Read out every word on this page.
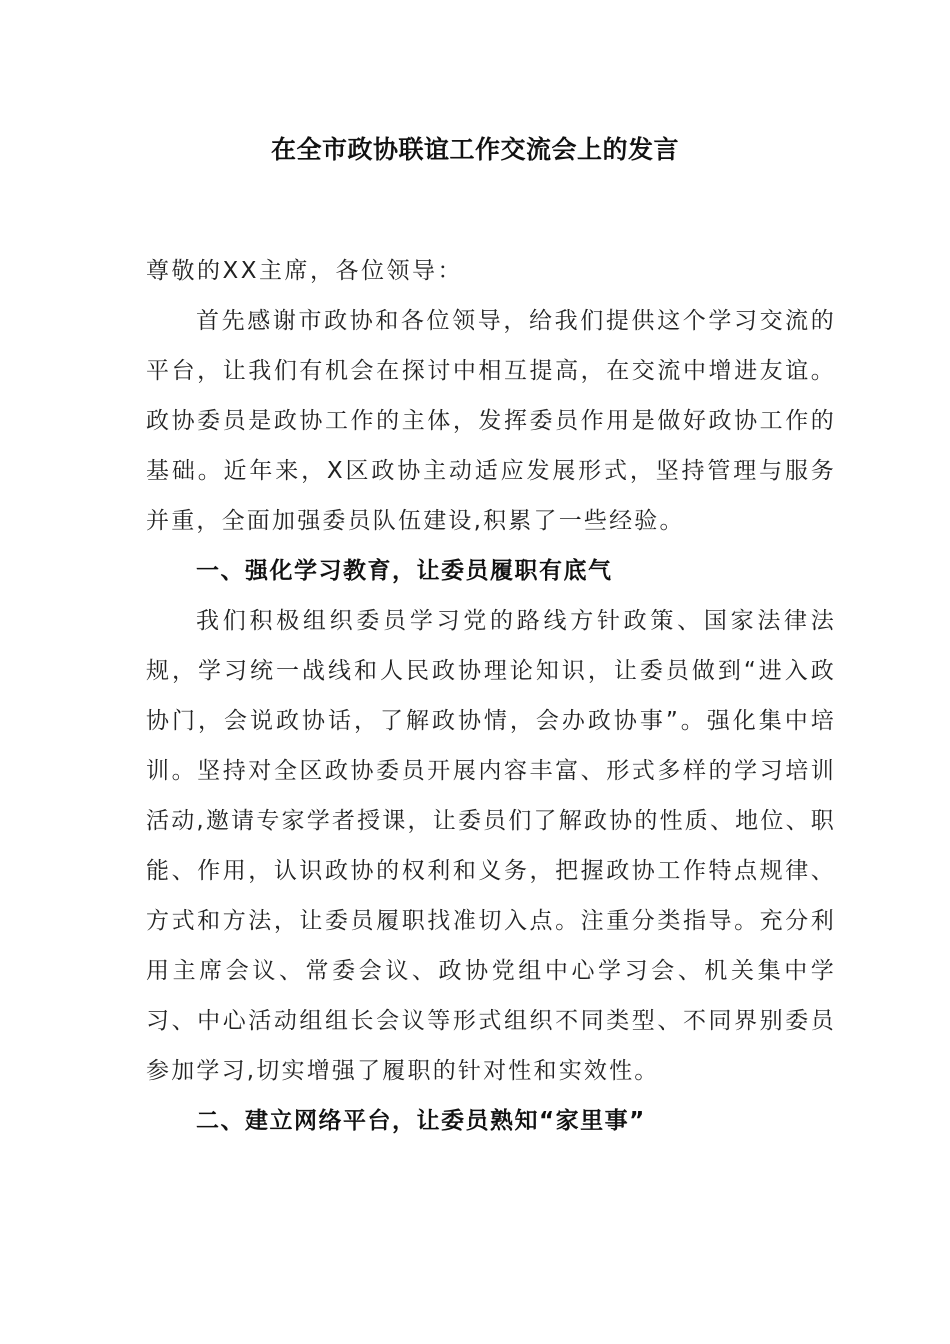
在全市政协联谊工作交流会上的发言

尊敬的XX主席，各位领导：

首先感谢市政协和各位领导，给我们提供这个学习交流的平台，让我们有机会在探讨中相互提高，在交流中增进友谊。政协委员是政协工作的主体，发挥委员作用是做好政协工作的基础。近年来，X区政协主动适应发展形式，坚持管理与服务并重，全面加强委员队伍建设,积累了一些经验。

一、强化学习教育，让委员履职有底气

我们积极组织委员学习党的路线方针政策、国家法律法规，学习统一战线和人民政协理论知识，让委员做到“进入政协门，会说政协话，了解政协情，会办政协事”。强化集中培训。坚持对全区政协委员开展内容丰富、形式多样的学习培训活动,邀请专家学者授课，让委员们了解政协的性质、地位、职能、作用，认识政协的权利和义务，把握政协工作特点规律、方式和方法，让委员履职找准切入点。注重分类指导。充分利用主席会议、常委会议、政协党组中心学习会、机关集中学习、中心活动组组长会议等形式组织不同类型、不同界别委员参加学习,切实增强了履职的针对性和实效性。

二、建立网络平台，让委员熟知“家里事”
